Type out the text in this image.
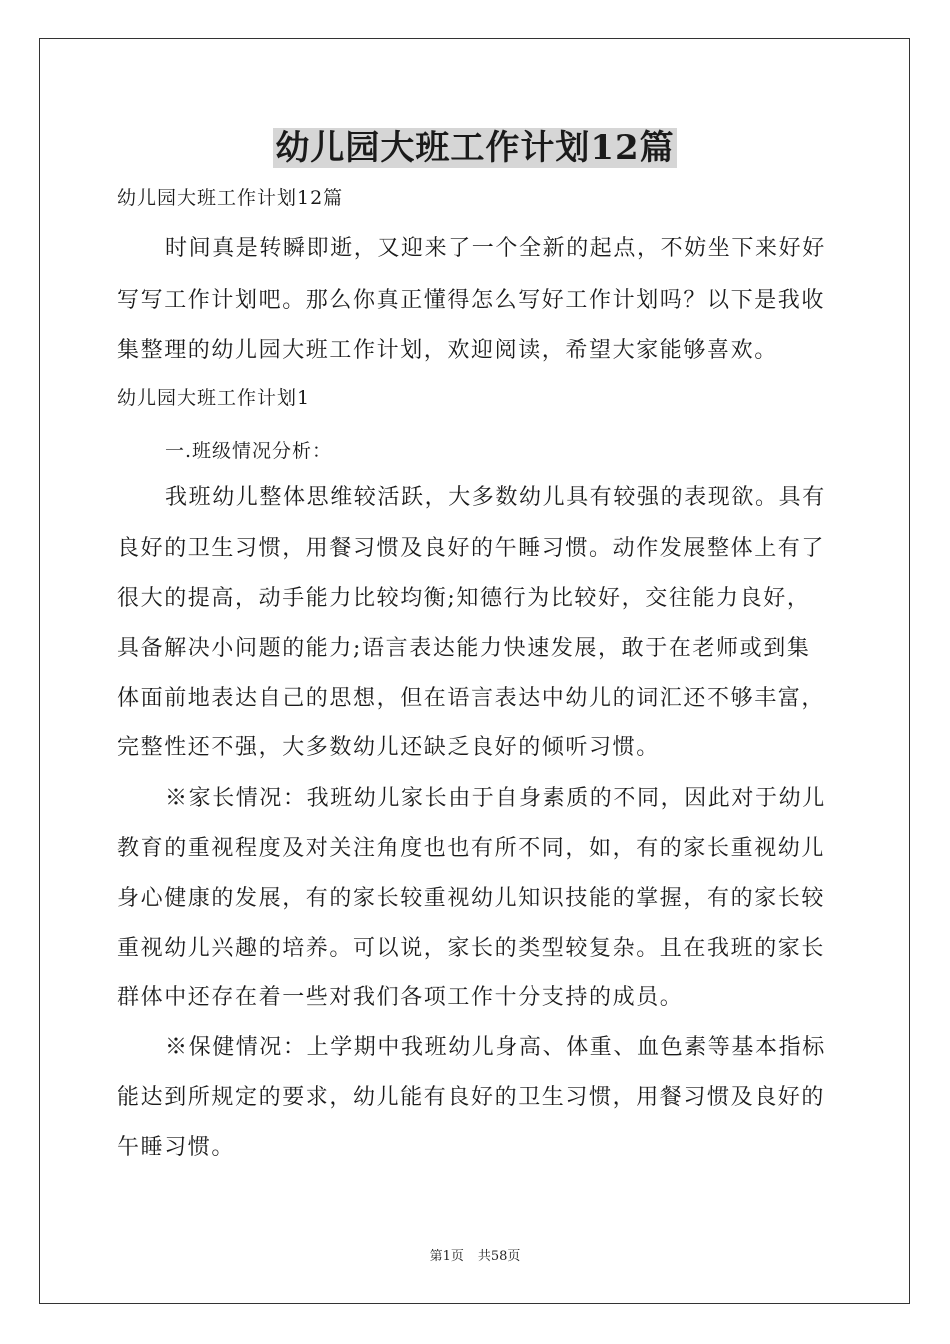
幼儿园大班工作计划12篇
幼儿园大班工作计划12篇
时间真是转瞬即逝，又迎来了一个全新的起点，不妨坐下来好好
写写工作计划吧。那么你真正懂得怎么写好工作计划吗？以下是我收
集整理的幼儿园大班工作计划，欢迎阅读，希望大家能够喜欢。
幼儿园大班工作计划1
一.班级情况分析：
我班幼儿整体思维较活跃，大多数幼儿具有较强的表现欲。具有
良好的卫生习惯，用餐习惯及良好的午睡习惯。动作发展整体上有了
很大的提高，动手能力比较均衡;知德行为比较好，交往能力良好，
具备解决小问题的能力;语言表达能力快速发展，敢于在老师或到集
体面前地表达自己的思想，但在语言表达中幼儿的词汇还不够丰富，
完整性还不强，大多数幼儿还缺乏良好的倾听习惯。
※家长情况：我班幼儿家长由于自身素质的不同，因此对于幼儿
教育的重视程度及对关注角度也也有所不同，如，有的家长重视幼儿
身心健康的发展，有的家长较重视幼儿知识技能的掌握，有的家长较
重视幼儿兴趣的培养。可以说，家长的类型较复杂。且在我班的家长
群体中还存在着一些对我们各项工作十分支持的成员。
※保健情况：上学期中我班幼儿身高、体重、血色素等基本指标
能达到所规定的要求，幼儿能有良好的卫生习惯，用餐习惯及良好的
午睡习惯。
第1页 共58页
